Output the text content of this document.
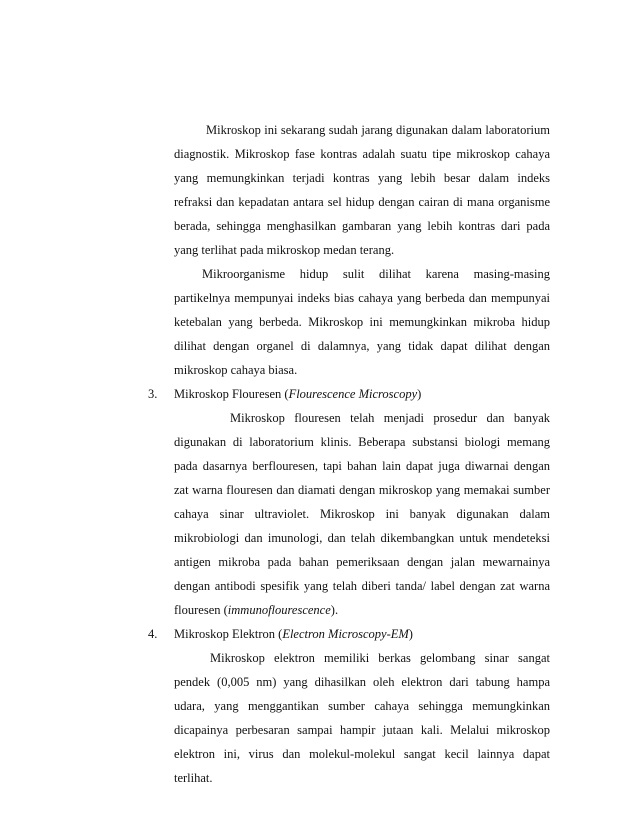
Mikroskop ini sekarang sudah jarang digunakan dalam laboratorium
diagnostik. Mikroskop fase kontras adalah suatu tipe mikroskop cahaya
yang memungkinkan terjadi kontras yang lebih besar dalam indeks
refraksi dan kepadatan antara sel hidup dengan cairan di mana organisme
berada, sehingga menghasilkan gambaran yang lebih kontras dari pada
yang terlihat pada mikroskop medan terang.
Mikroorganisme hidup sulit dilihat karena masing-masing
partikelnya mempunyai indeks bias cahaya yang berbeda dan mempunyai
ketebalan yang berbeda. Mikroskop ini memungkinkan mikroba hidup
dilihat dengan organel di dalamnya, yang tidak dapat dilihat dengan
mikroskop cahaya biasa.
3. Mikroskop Flouresen (Flourescence Microscopy)
Mikroskop flouresen telah menjadi prosedur dan banyak
digunakan di laboratorium klinis. Beberapa substansi biologi memang
pada dasarnya berflouresen, tapi bahan lain dapat juga diwarnai dengan
zat warna flouresen dan diamati dengan mikroskop yang memakai sumber
cahaya sinar ultraviolet. Mikroskop ini banyak digunakan dalam
mikrobiologi dan imunologi, dan telah dikembangkan untuk mendeteksi
antigen mikroba pada bahan pemeriksaan dengan jalan mewarnainya
dengan antibodi spesifik yang telah diberi tanda/ label dengan zat warna
flouresen (immunoflourescence).
4. Mikroskop Elektron (Electron Microscopy-EM)
Mikroskop elektron memiliki berkas gelombang sinar sangat
pendek (0,005 nm) yang dihasilkan oleh elektron dari tabung hampa
udara, yang menggantikan sumber cahaya sehingga memungkinkan
dicapainya perbesaran sampai hampir jutaan kali. Melalui mikroskop
elektron ini, virus dan molekul-molekul sangat kecil lainnya dapat
terlihat.
